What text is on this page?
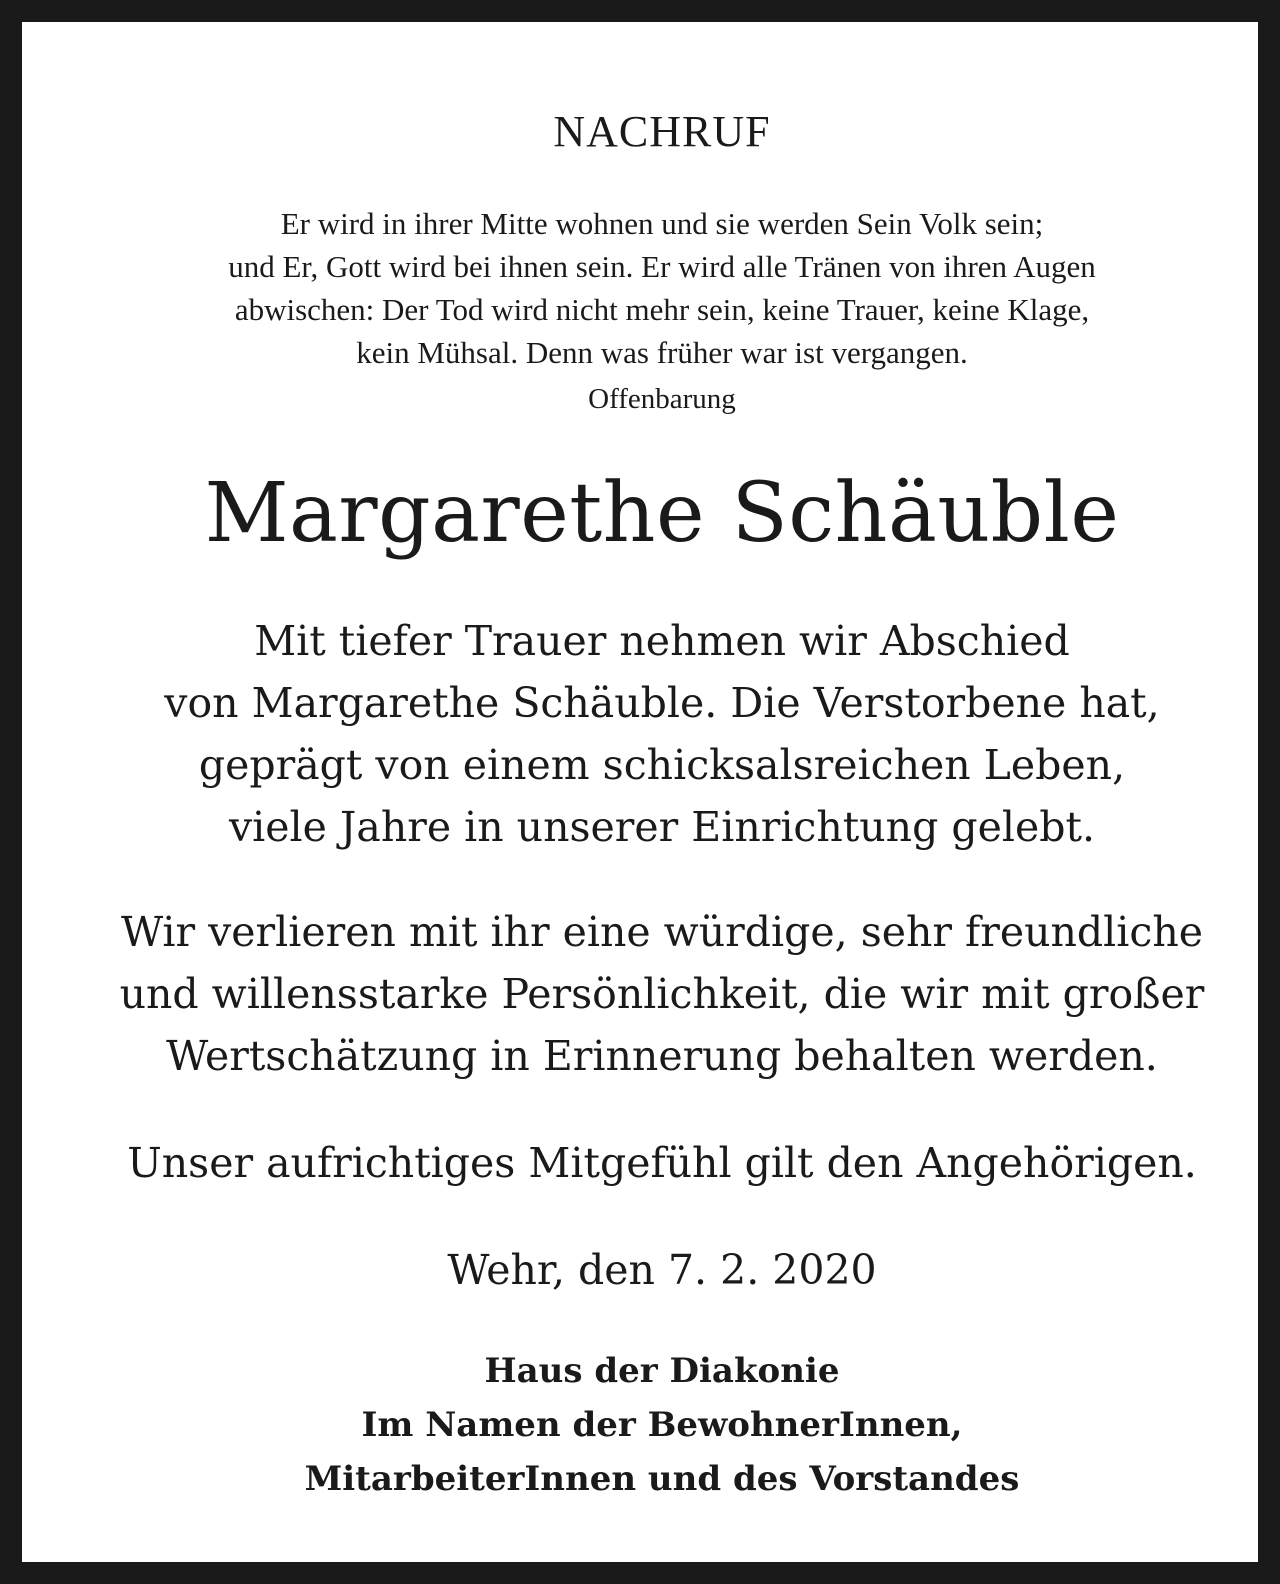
NACHRUF
Er wird in ihrer Mitte wohnen und sie werden Sein Volk sein;
und Er, Gott wird bei ihnen sein. Er wird alle Tränen von ihren Augen
abwischen: Der Tod wird nicht mehr sein, keine Trauer, keine Klage,
kein Mühsal. Denn was früher war ist vergangen.
Offenbarung
Margarethe Schäuble
Mit tiefer Trauer nehmen wir Abschied
von Margarethe Schäuble. Die Verstorbene hat,
geprägt von einem schicksalsreichen Leben,
viele Jahre in unserer Einrichtung gelebt.
Wir verlieren mit ihr eine würdige, sehr freundliche
und willensstarke Persönlichkeit, die wir mit großer
Wertschätzung in Erinnerung behalten werden.
Unser aufrichtiges Mitgefühl gilt den Angehörigen.
Wehr, den 7. 2. 2020
Haus der Diakonie
Im Namen der BewohnerInnen,
MitarbeiterInnen und des Vorstandes
